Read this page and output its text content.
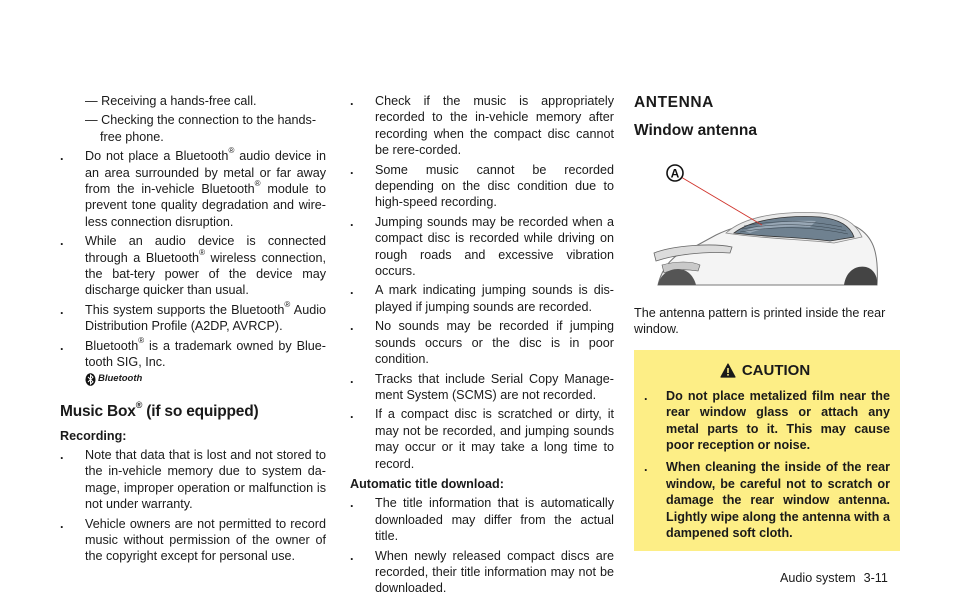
— Receiving a hands-free call.

— Checking the connection to the hands-
free phone.

. Do not place a Bluetooth® audio device in an area surrounded by metal or far away from the in-vehicle Bluetooth® module to prevent tone quality degradation and wire-less connection disruption.

. While an audio device is connected through a Bluetooth® wireless connection, the bat-tery power of the device may discharge quicker than usual.

. This system supports the Bluetooth® Audio Distribution Profile (A2DP, AVRCP).

. Bluetooth® is a trademark owned by Blue-tooth SIG, Inc.

Bluetooth
Music Box® (if so equipped)

Recording:

. Note that data that is lost and not stored to the in-vehicle memory due to system da-mage, improper operation or malfunction is not under warranty.

. Vehicle owners are not permitted to record music without permission of the owner of the copyright except for personal use.

. Check if the music is appropriately recorded to the in-vehicle memory after recording when the compact disc cannot be rere-corded.

. Some music cannot be recorded depending on the disc condition due to high-speed recording.

. Jumping sounds may be recorded when a compact disc is recorded while driving on rough roads and excessive vibration occurs.

. A mark indicating jumping sounds is dis-played if jumping sounds are recorded.

. No sounds may be recorded if jumping sounds occurs or the disc is in poor condition.

. Tracks that include Serial Copy Manage-ment System (SCMS) are not recorded.

. If a compact disc is scratched or dirty, it may not be recorded, and jumping sounds may occur or it may take a long time to record.

Automatic title download:

. The title information that is automatically downloaded may differ from the actual title.

. When newly released compact discs are recorded, their title information may not be downloaded.

ANTENNA
Window antenna
A

The antenna pattern is printed inside the rear window.

CAUTION

. Do not place metalized film near the rear window glass or attach any metal parts to it. This may cause poor reception or noise.

. When cleaning the inside of the rear window, be careful not to scratch or damage the rear window antenna. Lightly wipe along the antenna with a dampened soft cloth.

Audio system 3-11
